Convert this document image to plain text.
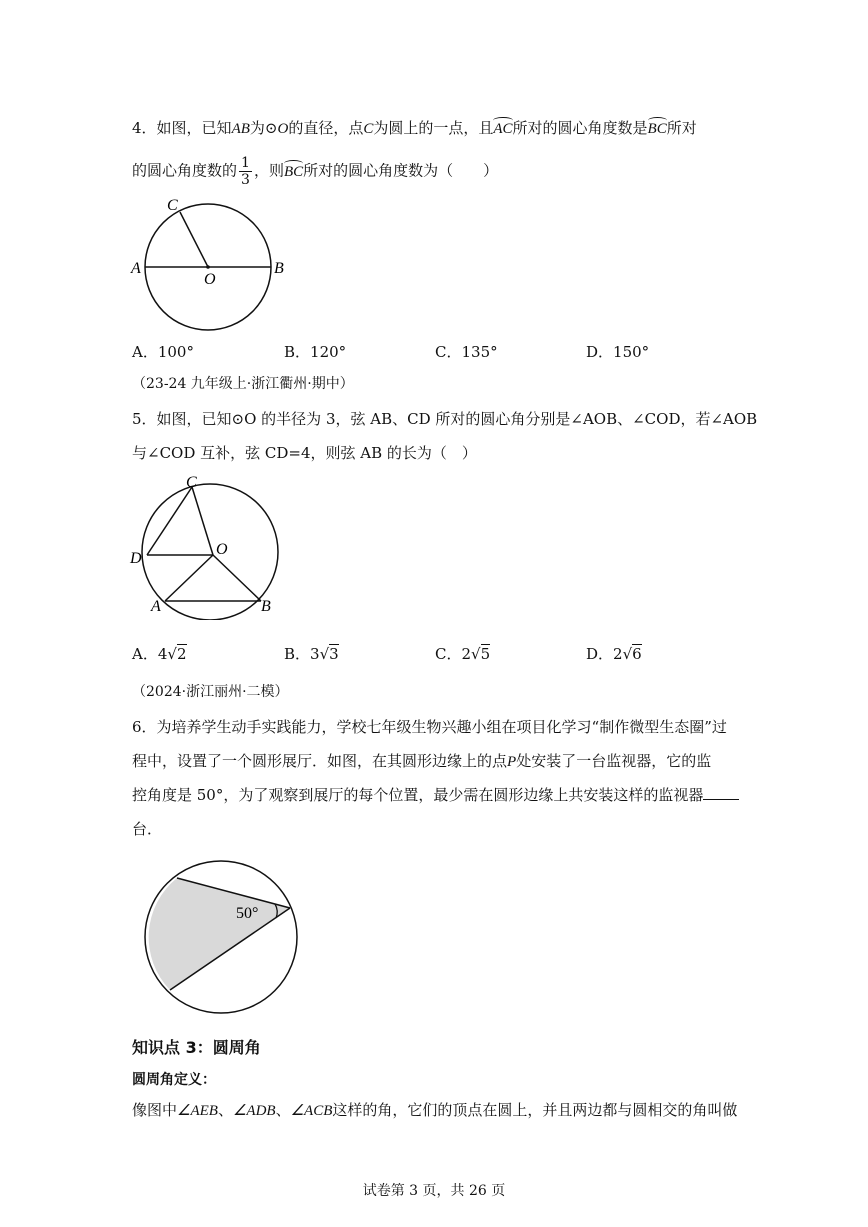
4．如图，已知AB为⊙O的直径，点C为圆上的一点，且AC所对的圆心角度数是BC所对
的圆心角度数的 $\frac{1}{3}$ ，则BC所对的圆心角度数为（　　）
C
A
O
B
A．100°	B．120°	C．135°	D．150°
（23-24 九年级上·浙江衢州·期中）
5．如图，已知⊙O 的半径为 3，弦 AB、CD 所对的圆心角分别是∠AOB、∠COD，若∠AOB
与∠COD 互补，弦 CD=4，则弦 AB 的长为（　）
C
D
O
A	B
A．4√2	B．3√3	C．2√5	D．2√6
（2024·浙江丽州·二模）
6．为培养学生动手实践能力，学校七年级生物兴趣小组在项目化学习“制作微型生态圈”过
程中，设置了一个圆形展厅．如图，在其圆形边缘上的点P处安装了一台监视器，它的监
控角度是 50°，为了观察到展厅的每个位置，最少需在圆形边缘上共安装这样的监视器
台．
50°
知识点 3：圆周角
圆周角定义：
像图中∠AEB、∠ADB、∠ACB这样的角，它们的顶点在圆上，并且两边都与圆相交的角叫做
试卷第 3 页，共 26 页
